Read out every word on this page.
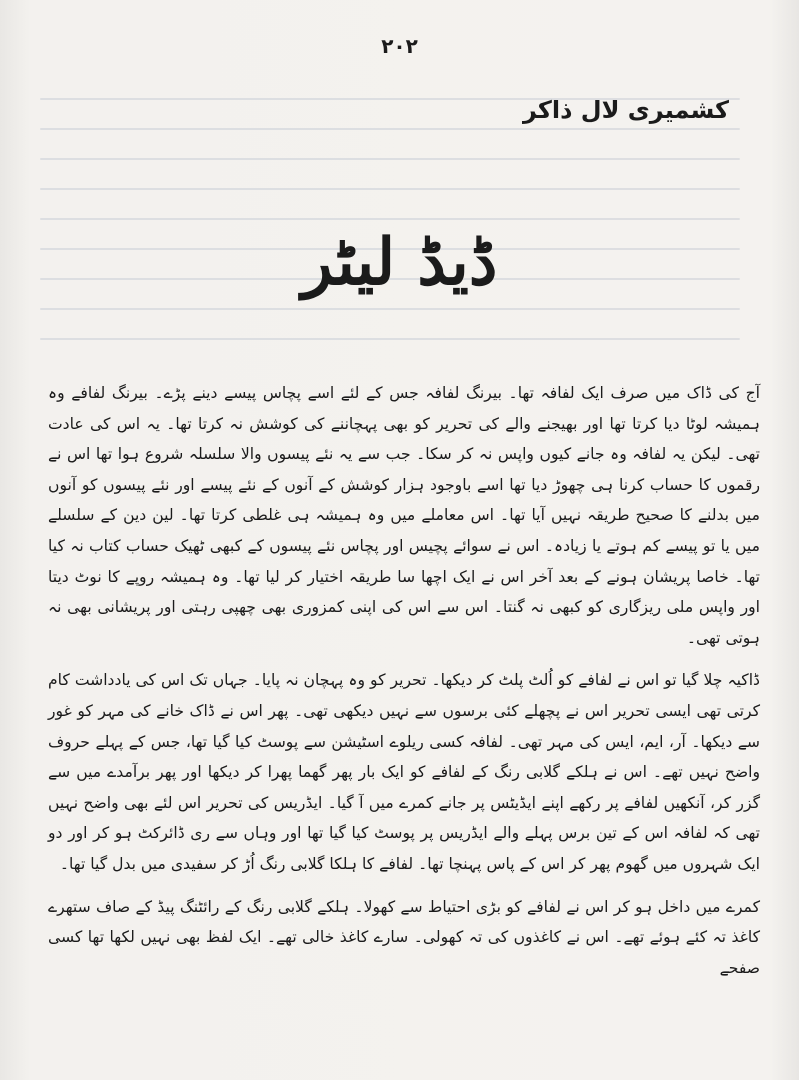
۲۰۲
کشمیری لال ذاکر
ڈیڈ لیٹر

آج کی ڈاک میں صرف ایک لفافہ تھا۔ بیرنگ لفافہ جس کے لئے اسے پچاس پیسے دینے پڑے۔ بیرنگ لفافے وہ ہمیشہ لوٹا دیا کرتا تھا اور بھیجنے والے کی تحریر کو بھی پہچاننے کی کوشش نہ کرتا تھا۔ یہ اس کی عادت تھی۔ لیکن یہ لفافہ وہ جانے کیوں واپس نہ کر سکا۔ جب سے یہ نئے پیسوں والا سلسلہ شروع ہوا تھا اس نے رقموں کا حساب کرنا ہی چھوڑ دیا تھا اسے باوجود ہزار کوشش کے آنوں کے نئے پیسے اور نئے پیسوں کو آنوں میں بدلنے کا صحیح طریقہ نہیں آیا تھا۔ اس معاملے میں وہ ہمیشہ ہی غلطی کرتا تھا۔ لین دین کے سلسلے میں یا تو پیسے کم ہوتے یا زیادہ۔ اس نے سوائے پچیس اور پچاس نئے پیسوں کے کبھی ٹھیک حساب کتاب نہ کیا تھا۔ خاصا پریشان ہونے کے بعد آخر اس نے ایک اچھا سا طریقہ اختیار کر لیا تھا۔ وہ ہمیشہ روپے کا نوٹ دیتا اور واپس ملی ریزگاری کو کبھی نہ گنتا۔ اس سے اس کی اپنی کمزوری بھی چھپی رہتی اور پریشانی بھی نہ ہوتی تھی۔

ڈاکیہ چلا گیا تو اس نے لفافے کو اُلٹ پلٹ کر دیکھا۔ تحریر کو وہ پہچان نہ پایا۔ جہاں تک اس کی یادداشت کام کرتی تھی ایسی تحریر اس نے پچھلے کئی برسوں سے نہیں دیکھی تھی۔ پھر اس نے ڈاک خانے کی مہر کو غور سے دیکھا۔ آر، ایم، ایس کی مہر تھی۔ لفافہ کسی ریلوے اسٹیشن سے پوسٹ کیا گیا تھا، جس کے پہلے حروف واضح نہیں تھے۔ اس نے ہلکے گلابی رنگ کے لفافے کو ایک بار پھر گھما پھرا کر دیکھا اور پھر برآمدے میں سے گزر کر، آنکھیں لفافے پر رکھے اپنے ایڈیٹس پر جانے کمرے میں آ گیا۔ ایڈریس کی تحریر اس لئے بھی واضح نہیں تھی کہ لفافہ اس کے تین برس پہلے والے ایڈریس پر پوسٹ کیا گیا تھا اور وہاں سے ری ڈائرکٹ ہو کر اور دو ایک شہروں میں گھوم پھر کر اس کے پاس پہنچا تھا۔ لفافے کا ہلکا گلابی رنگ اُڑ کر سفیدی میں بدل گیا تھا۔

کمرے میں داخل ہو کر اس نے لفافے کو بڑی احتیاط سے کھولا۔ ہلکے گلابی رنگ کے رائٹنگ پیڈ کے صاف ستھرے کاغذ تہ کئے ہوئے تھے۔ اس نے کاغذوں کی تہ کھولی۔ سارے کاغذ خالی تھے۔ ایک لفظ بھی نہیں لکھا تھا کسی صفحے
